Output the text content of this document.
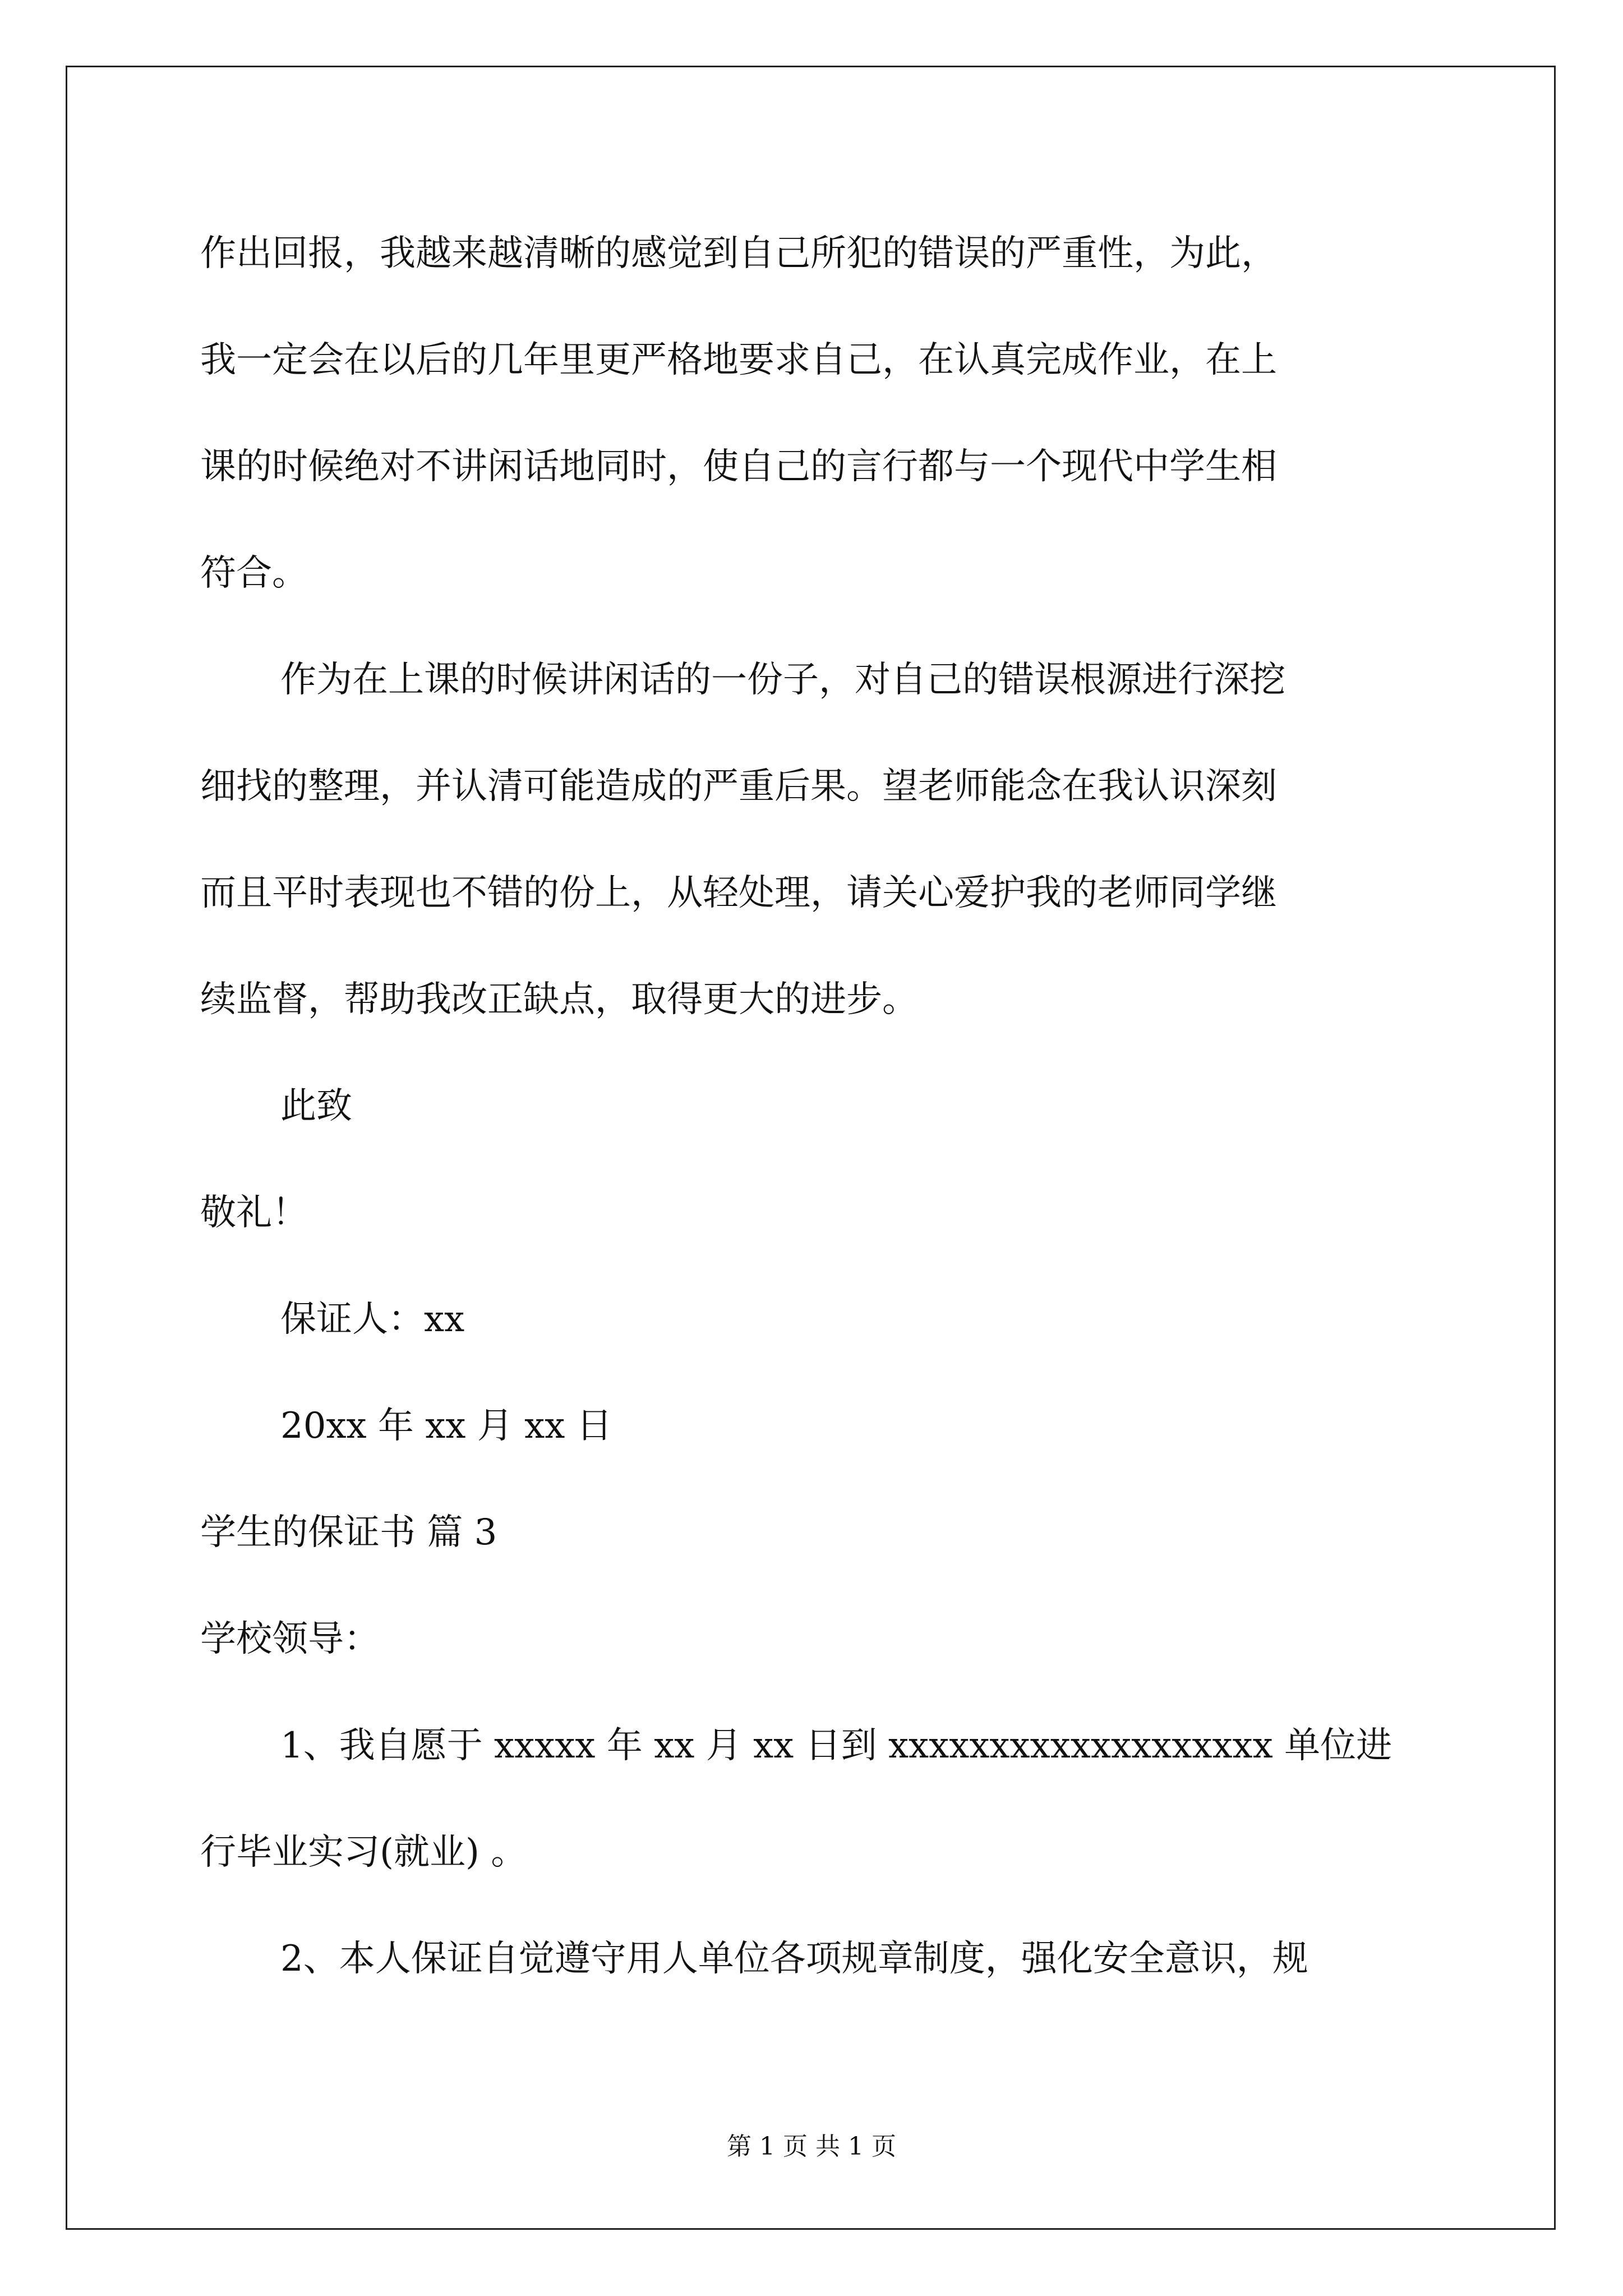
作出回报，我越来越清晰的感觉到自己所犯的错误的严重性，为此，
我一定会在以后的几年里更严格地要求自己，在认真完成作业，在上
课的时候绝对不讲闲话地同时，使自己的言行都与一个现代中学生相
符合。
作为在上课的时候讲闲话的一份子，对自己的错误根源进行深挖
细找的整理，并认清可能造成的严重后果。望老师能念在我认识深刻
而且平时表现也不错的份上，从轻处理，请关心爱护我的老师同学继
续监督，帮助我改正缺点，取得更大的进步。
此致
敬礼！
保证人：xx
20xx 年 xx 月 xx 日
学生的保证书 篇 3
学校领导：
1、我自愿于 xxxxx 年 xx 月 xx 日到 xxxxxxxxxxxxxxxxxxx 单位进
行毕业实习(就业) 。
2、本人保证自觉遵守用人单位各项规章制度，强化安全意识，规
第 1 页 共 1 页
